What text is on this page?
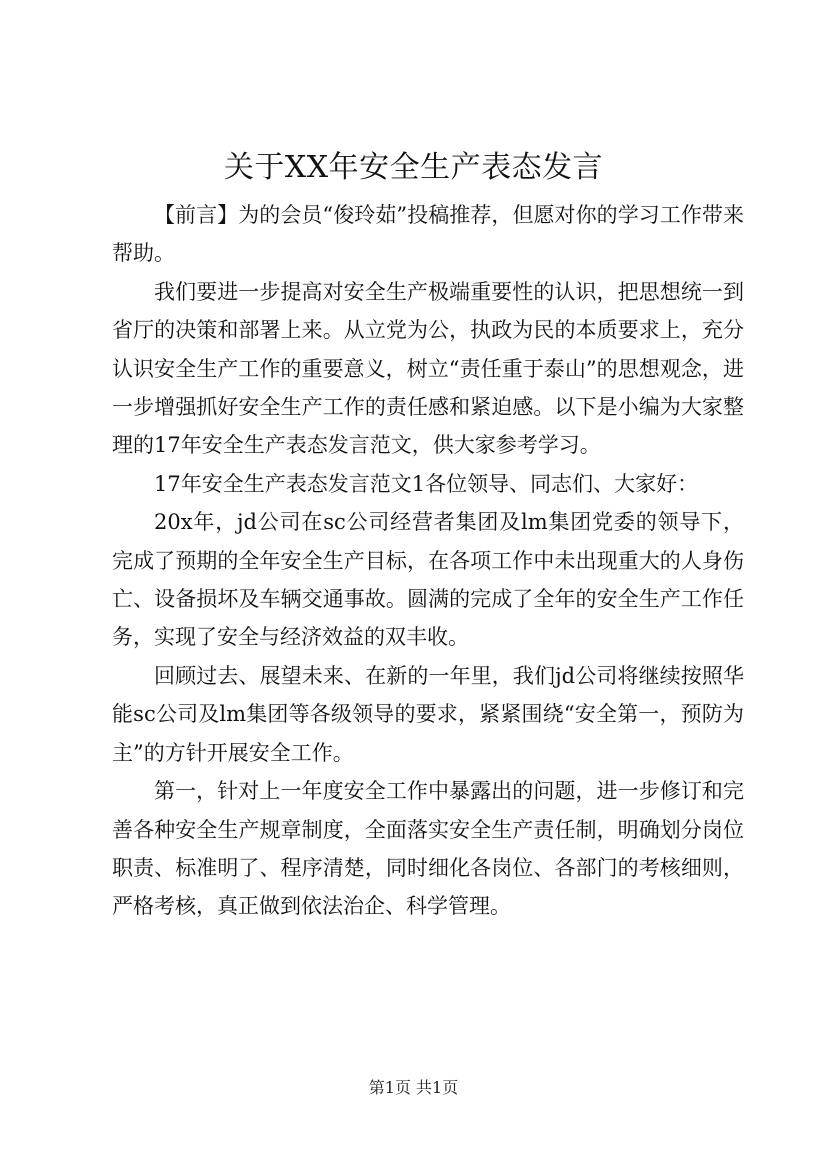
关于XX年安全生产表态发言

【前言】为的会员“俊玲茹”投稿推荐，但愿对你的学习工作带来帮助。

我们要进一步提高对安全生产极端重要性的认识，把思想统一到省厅的决策和部署上来。从立党为公，执政为民的本质要求上，充分认识安全生产工作的重要意义，树立“责任重于泰山”的思想观念，进一步增强抓好安全生产工作的责任感和紧迫感。以下是小编为大家整理的17年安全生产表态发言范文，供大家参考学习。

17年安全生产表态发言范文1各位领导、同志们、大家好：

20x年，jd公司在sc公司经营者集团及lm集团党委的领导下，完成了预期的全年安全生产目标，在各项工作中未出现重大的人身伤亡、设备损坏及车辆交通事故。圆满的完成了全年的安全生产工作任务，实现了安全与经济效益的双丰收。

回顾过去、展望未来、在新的一年里，我们jd公司将继续按照华能sc公司及lm集团等各级领导的要求，紧紧围绕“安全第一，预防为主”的方针开展安全工作。

第一，针对上一年度安全工作中暴露出的问题，进一步修订和完善各种安全生产规章制度，全面落实安全生产责任制，明确划分岗位职责、标准明了、程序清楚，同时细化各岗位、各部门的考核细则，严格考核，真正做到依法治企、科学管理。

第1页 共1页
